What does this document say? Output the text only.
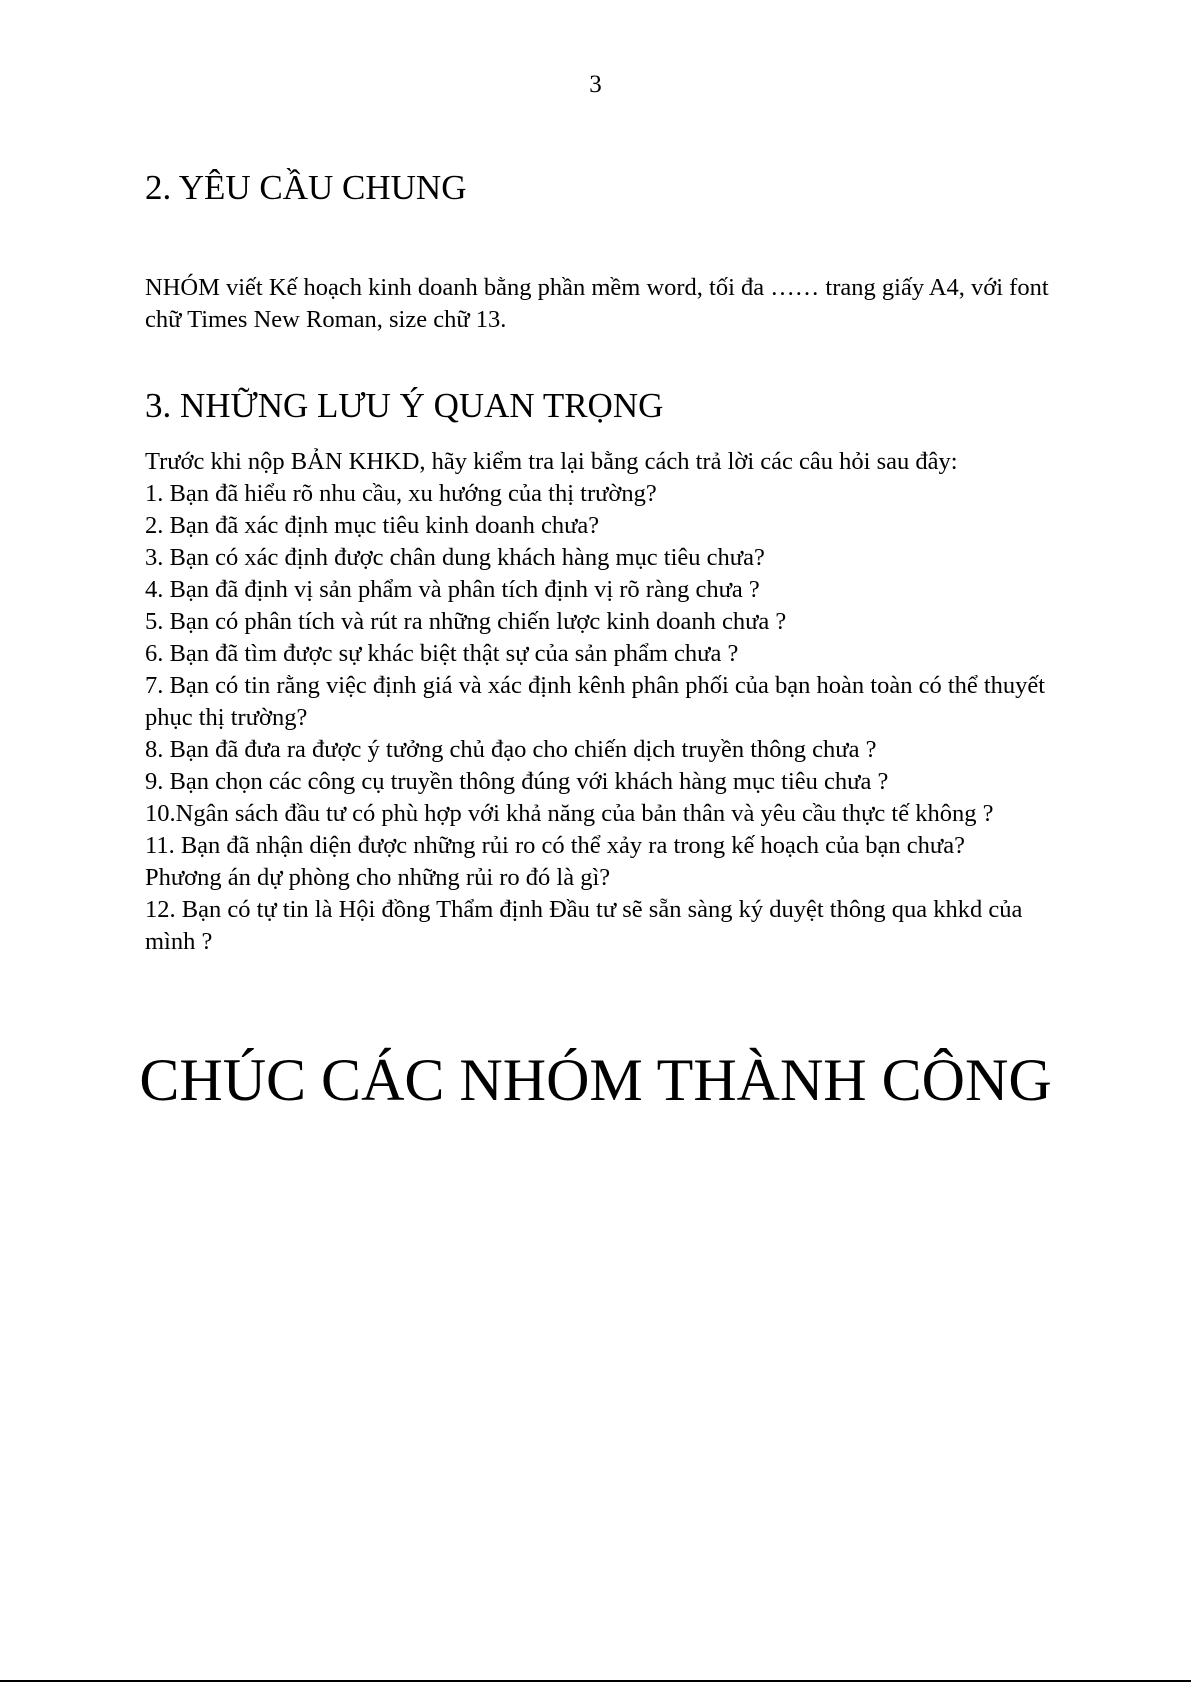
3
2. YÊU CẦU CHUNG

NHÓM viết Kế hoạch kinh doanh bằng phần mềm word, tối đa …… trang giấy A4, với font chữ Times New Roman, size chữ 13.

3. NHỮNG LƯU Ý QUAN TRỌNG

Trước khi nộp BẢN KHKD, hãy kiểm tra lại bằng cách trả lời các câu hỏi sau đây:

1. Bạn đã hiểu rõ nhu cầu, xu hướng của thị trường?
2. Bạn đã xác định mục tiêu kinh doanh chưa?
3. Bạn có xác định được chân dung khách hàng mục tiêu chưa?
4. Bạn đã định vị sản phẩm và phân tích định vị rõ ràng chưa ?
5. Bạn có phân tích và rút ra những chiến lược kinh doanh chưa ?
6. Bạn đã tìm được sự khác biệt thật sự của sản phẩm chưa ?
7. Bạn có tin rằng việc định giá và xác định kênh phân phối của bạn hoàn toàn có thể thuyết
phục thị trường?
8. Bạn đã đưa ra được ý tưởng chủ đạo cho chiến dịch truyền thông chưa ?
9. Bạn chọn các công cụ truyền thông đúng với khách hàng mục tiêu chưa ?
10.Ngân sách đầu tư có phù hợp với khả năng của bản thân và yêu cầu thực tế không ?
11. Bạn đã nhận diện được những rủi ro có thể xảy ra trong kế hoạch của bạn chưa?
Phương án dự phòng cho những rủi ro đó là gì?
12. Bạn có tự tin là Hội đồng Thẩm định Đầu tư sẽ sẵn sàng ký duyệt thông qua khkd của mình ?
CHÚC CÁC NHÓM THÀNH CÔNG
